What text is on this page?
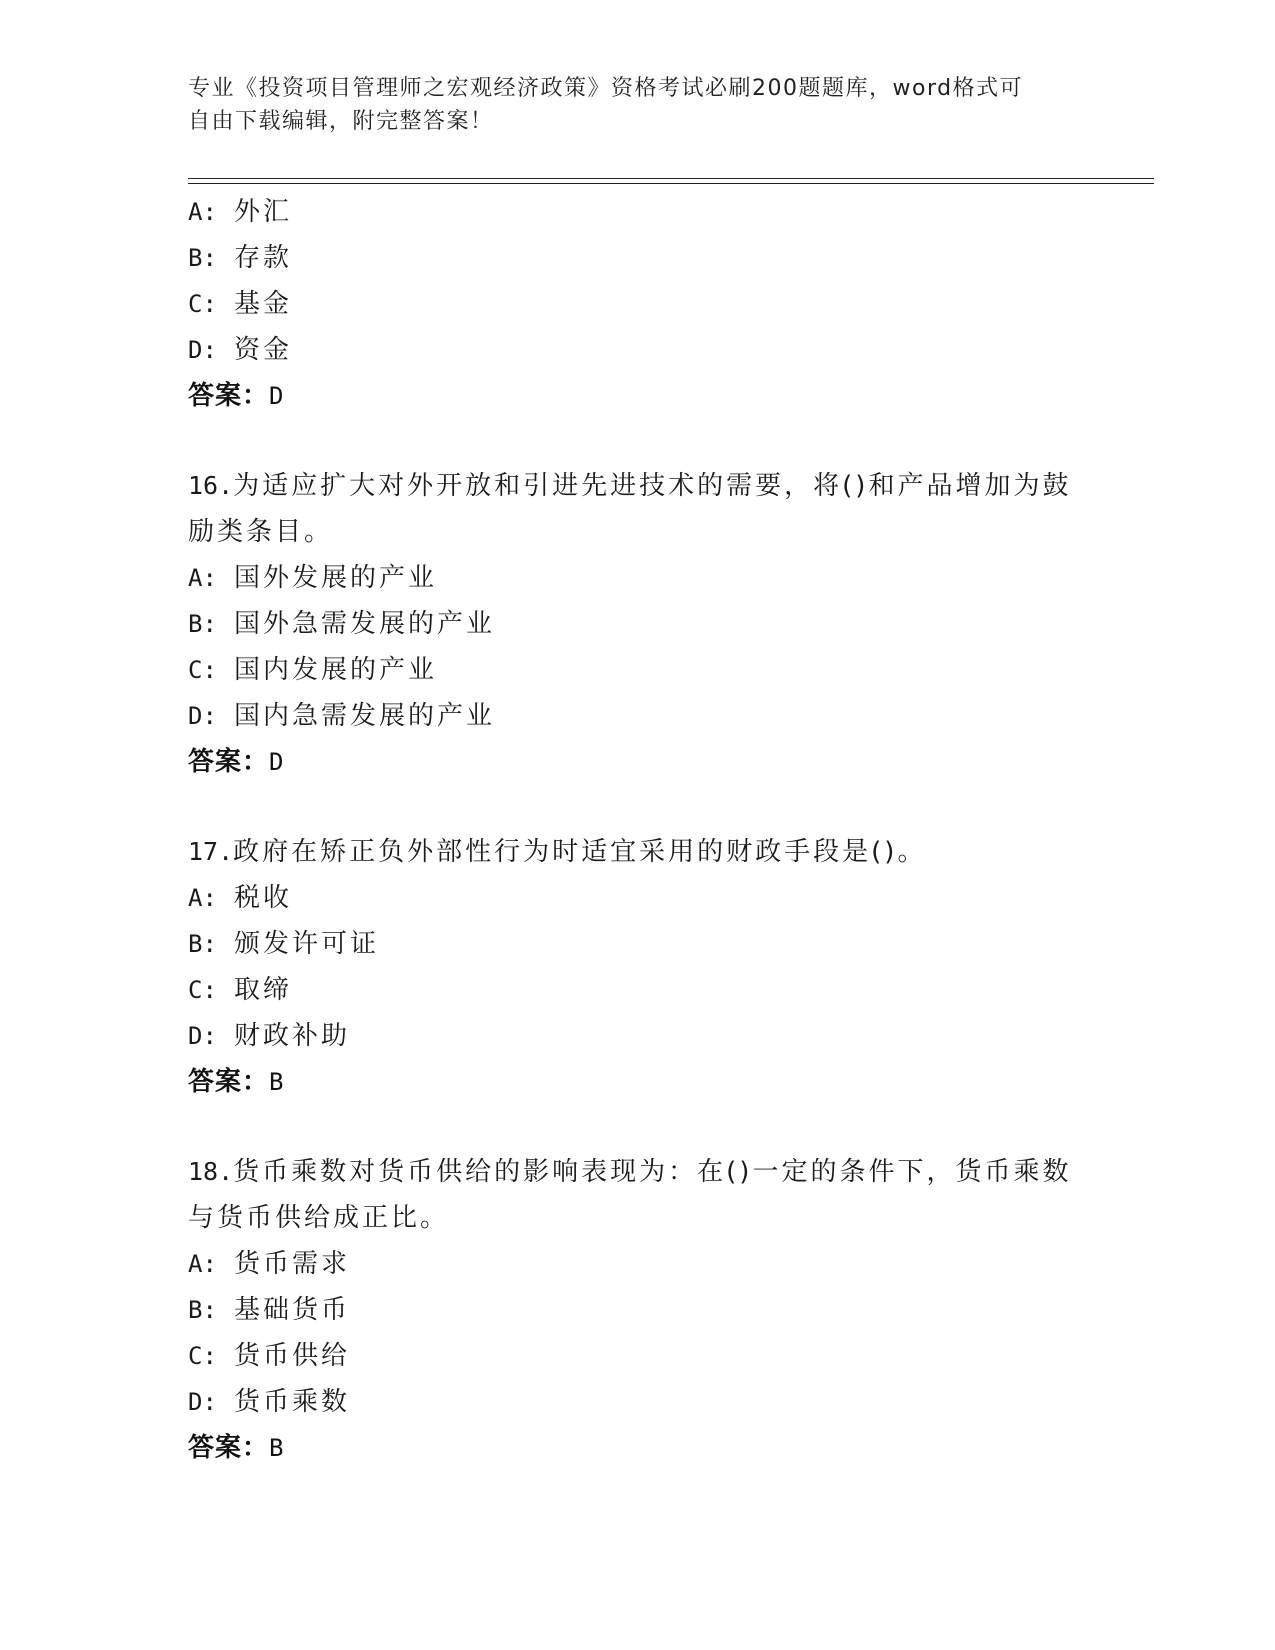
专业《投资项目管理师之宏观经济政策》资格考试必刷200题题库，word格式可
自由下载编辑，附完整答案！
A: 外汇
B: 存款
C: 基金
D: 资金
答案：D
16.为适应扩大对外开放和引进先进技术的需要，将()和产品增加为鼓
励类条目。
A: 国外发展的产业
B: 国外急需发展的产业
C: 国内发展的产业
D: 国内急需发展的产业
答案：D
17.政府在矫正负外部性行为时适宜采用的财政手段是()。
A: 税收
B: 颁发许可证
C: 取缔
D: 财政补助
答案：B
18.货币乘数对货币供给的影响表现为：在()一定的条件下，货币乘数
与货币供给成正比。
A: 货币需求
B: 基础货币
C: 货币供给
D: 货币乘数
答案：B
